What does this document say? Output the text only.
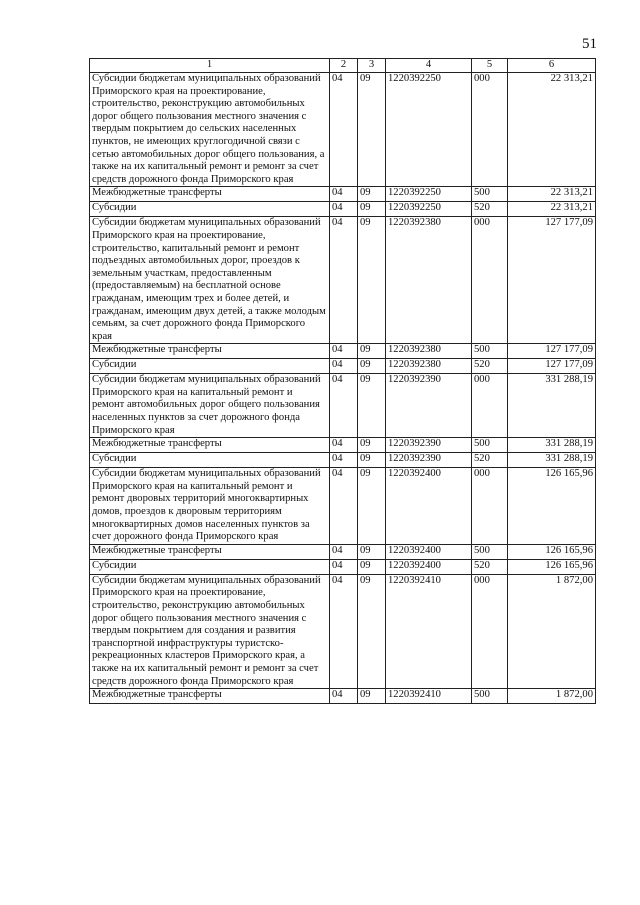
51
1	2	3	4	5	6
Субсидии бюджетам муниципальных образований Приморского края на проектирование, строительство, реконструкцию автомобильных дорог общего пользования местного значения с твердым покрытием до сельских населенных пунктов, не имеющих круглогодичной связи с сетью автомобильных дорог общего пользования, а также на их капитальный ремонт и ремонт за счет средств дорожного фонда Приморского края	04	09	1220392250	000	22 313,21
Межбюджетные трансферты	04	09	1220392250	500	22 313,21
Субсидии	04	09	1220392250	520	22 313,21
Субсидии бюджетам муниципальных образований Приморского края на проектирование, строительство, капитальный ремонт и ремонт подъездных автомобильных дорог, проездов к земельным участкам, предоставленным (предоставляемым) на бесплатной основе гражданам, имеющим трех и более детей, и гражданам, имеющим двух детей, а также молодым семьям, за счет дорожного фонда Приморского края	04	09	1220392380	000	127 177,09
Межбюджетные трансферты	04	09	1220392380	500	127 177,09
Субсидии	04	09	1220392380	520	127 177,09
Субсидии бюджетам муниципальных образований Приморского края на капитальный ремонт и ремонт автомобильных дорог общего пользования населенных пунктов за счет дорожного фонда Приморского края	04	09	1220392390	000	331 288,19
Межбюджетные трансферты	04	09	1220392390	500	331 288,19
Субсидии	04	09	1220392390	520	331 288,19
Субсидии бюджетам муниципальных образований Приморского края на капитальный ремонт и ремонт дворовых территорий многоквартирных домов, проездов к дворовым территориям многоквартирных домов населенных пунктов за счет дорожного фонда Приморского края	04	09	1220392400	000	126 165,96
Межбюджетные трансферты	04	09	1220392400	500	126 165,96
Субсидии	04	09	1220392400	520	126 165,96
Субсидии бюджетам муниципальных образований Приморского края на проектирование, строительство, реконструкцию автомобильных дорог общего пользования местного значения с твердым покрытием для создания и развития транспортной инфраструктуры туристско-рекреационных кластеров Приморского края, а также на их капитальный ремонт и ремонт за счет средств дорожного фонда Приморского края	04	09	1220392410	000	1 872,00
Межбюджетные трансферты	04	09	1220392410	500	1 872,00
